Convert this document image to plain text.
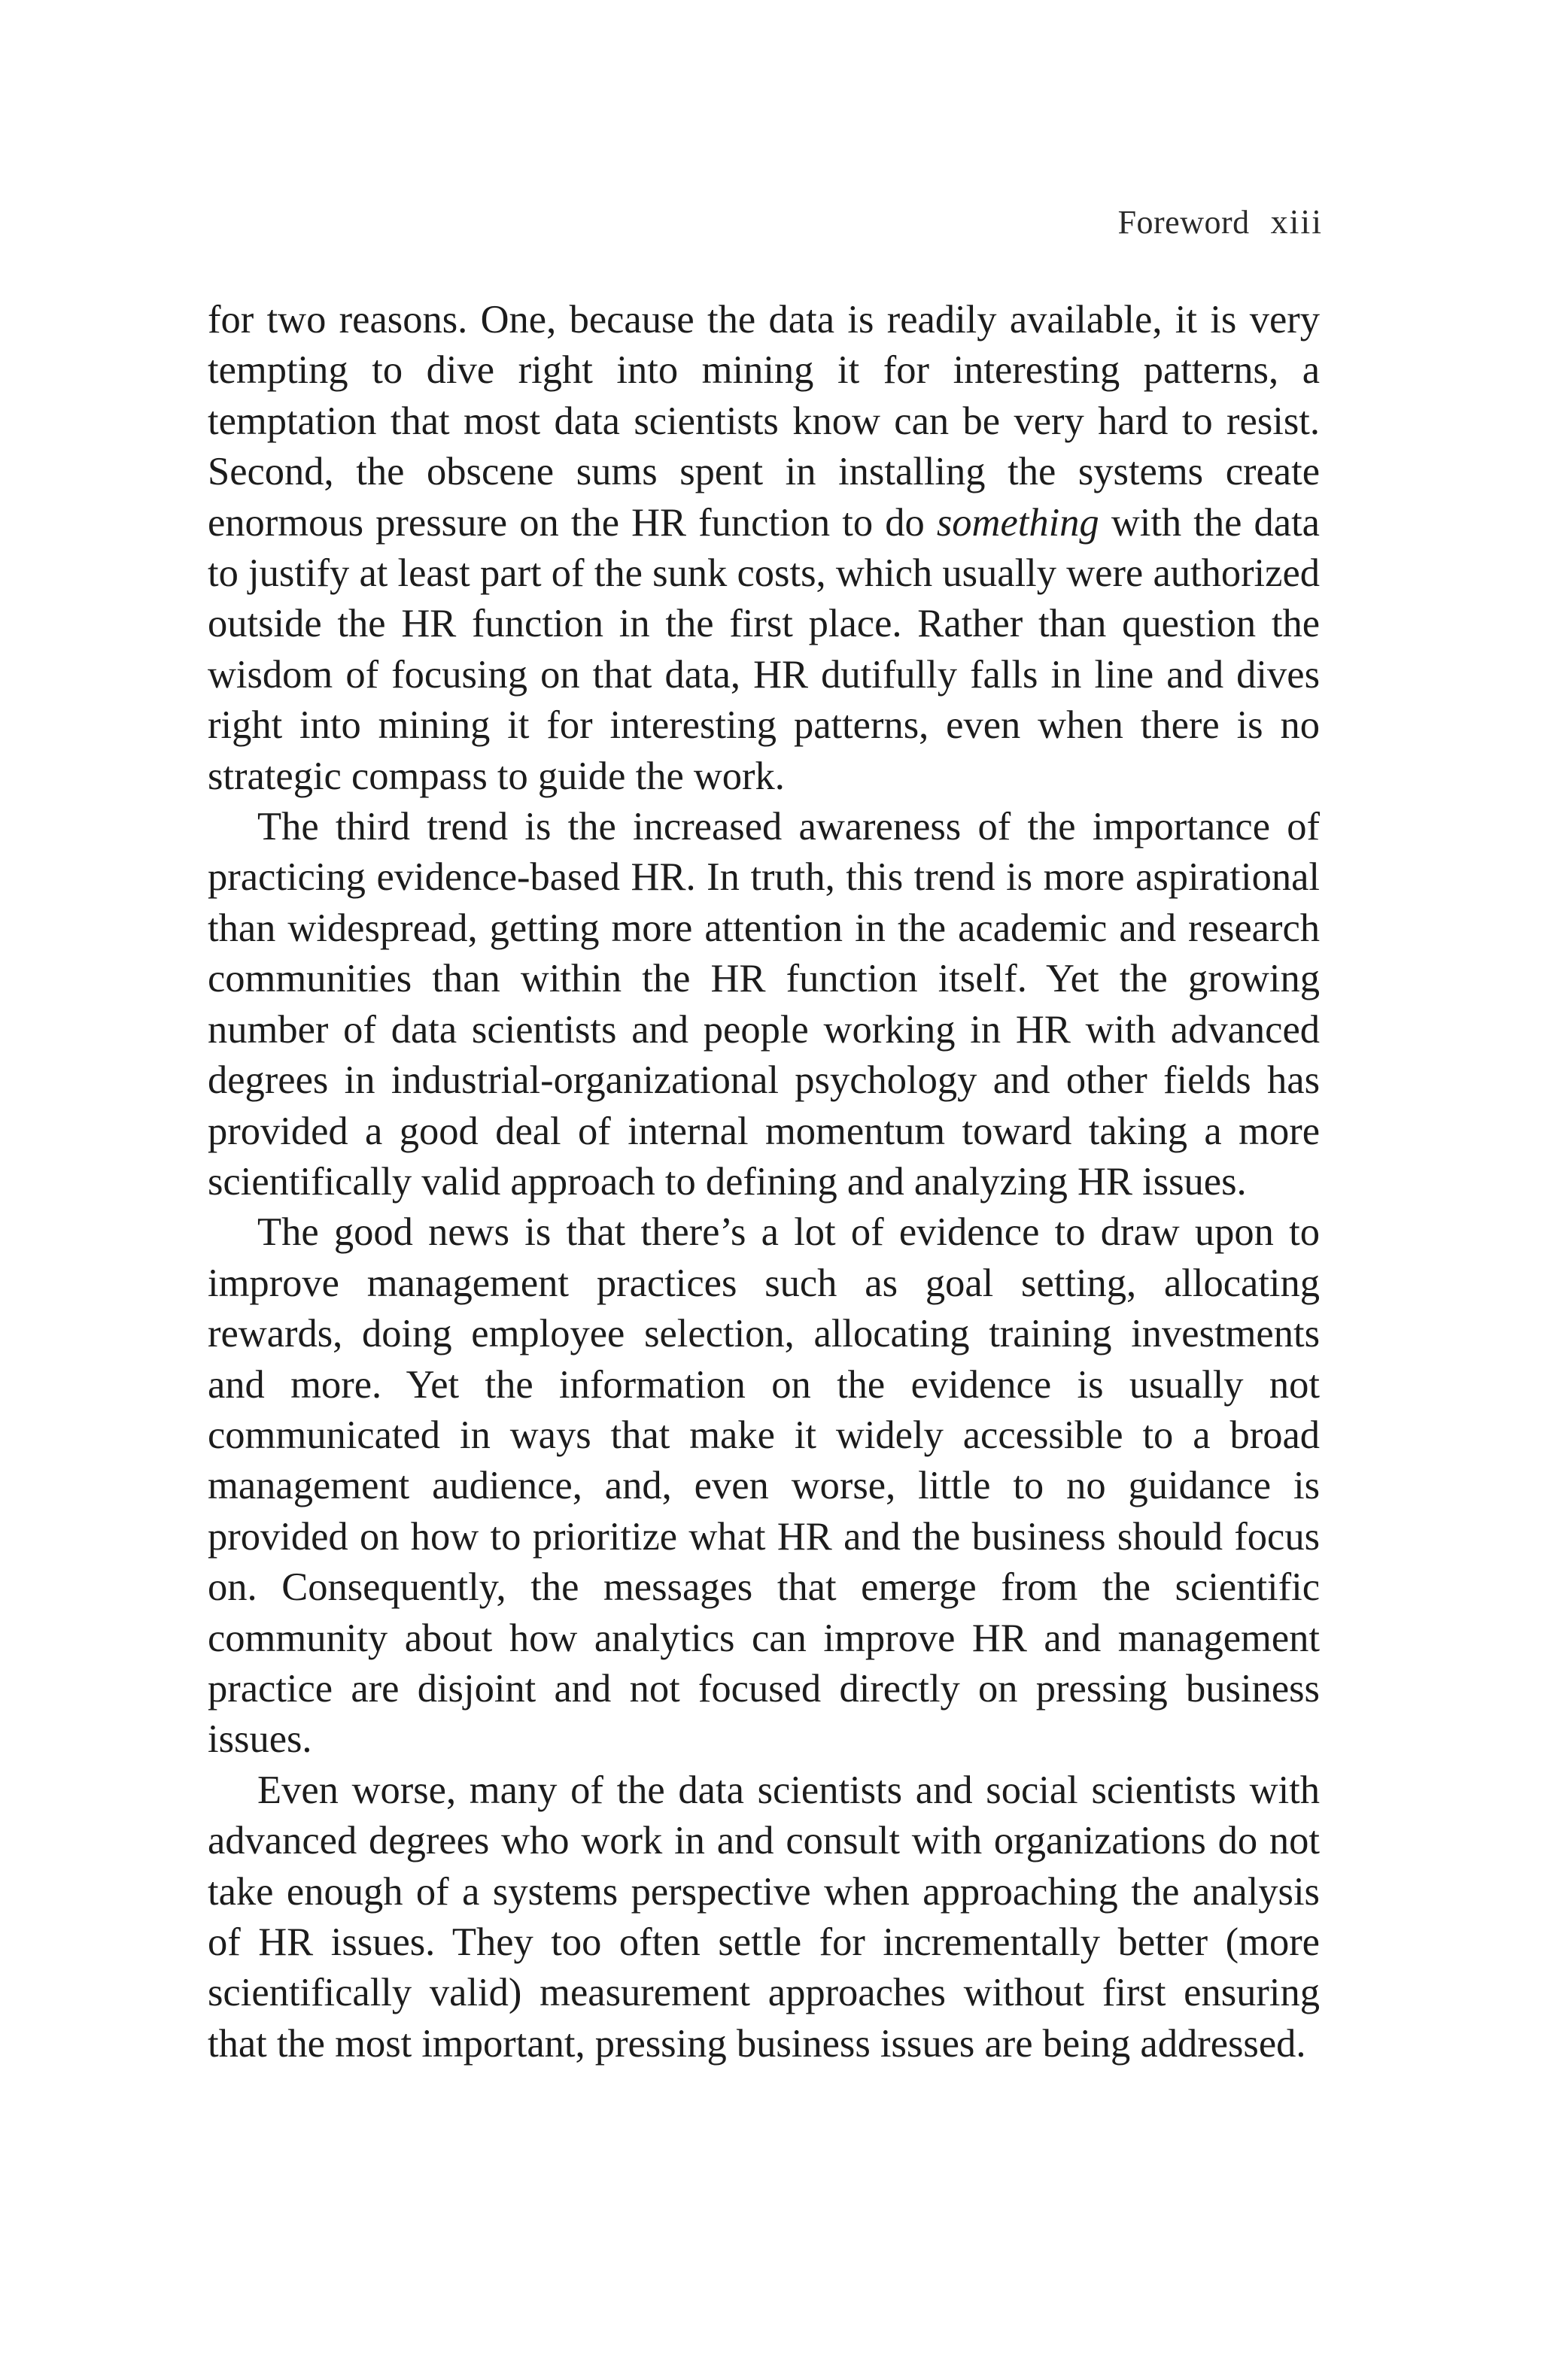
Foreword xiii

for two reasons. One, because the data is readily available, it is very tempting to dive right into mining it for interesting patterns, a temptation that most data scientists know can be very hard to resist. Second, the obscene sums spent in installing the systems create enormous pressure on the HR function to do something with the data to justify at least part of the sunk costs, which usually were authorized outside the HR function in the first place. Rather than question the wisdom of focusing on that data, HR dutifully falls in line and dives right into mining it for interesting patterns, even when there is no strategic compass to guide the work.

The third trend is the increased awareness of the importance of practicing evidence-based HR. In truth, this trend is more aspirational than widespread, getting more attention in the academic and research communities than within the HR function itself. Yet the growing number of data scientists and people working in HR with advanced degrees in industrial-organizational psychology and other fields has provided a good deal of internal momentum toward taking a more scientifically valid approach to defining and analyzing HR issues.

The good news is that there’s a lot of evidence to draw upon to improve management practices such as goal setting, allocating rewards, doing employee selection, allocating training investments and more. Yet the information on the evidence is usually not communicated in ways that make it widely accessible to a broad management audience, and, even worse, little to no guidance is provided on how to prioritize what HR and the business should focus on. Consequently, the messages that emerge from the scientific community about how analytics can improve HR and management practice are disjoint and not focused directly on pressing business issues.

Even worse, many of the data scientists and social scientists with advanced degrees who work in and consult with organizations do not take enough of a systems perspective when approaching the analysis of HR issues. They too often settle for incrementally better (more scientifically valid) measurement approaches without first ensuring that the most important, pressing business issues are being addressed.
